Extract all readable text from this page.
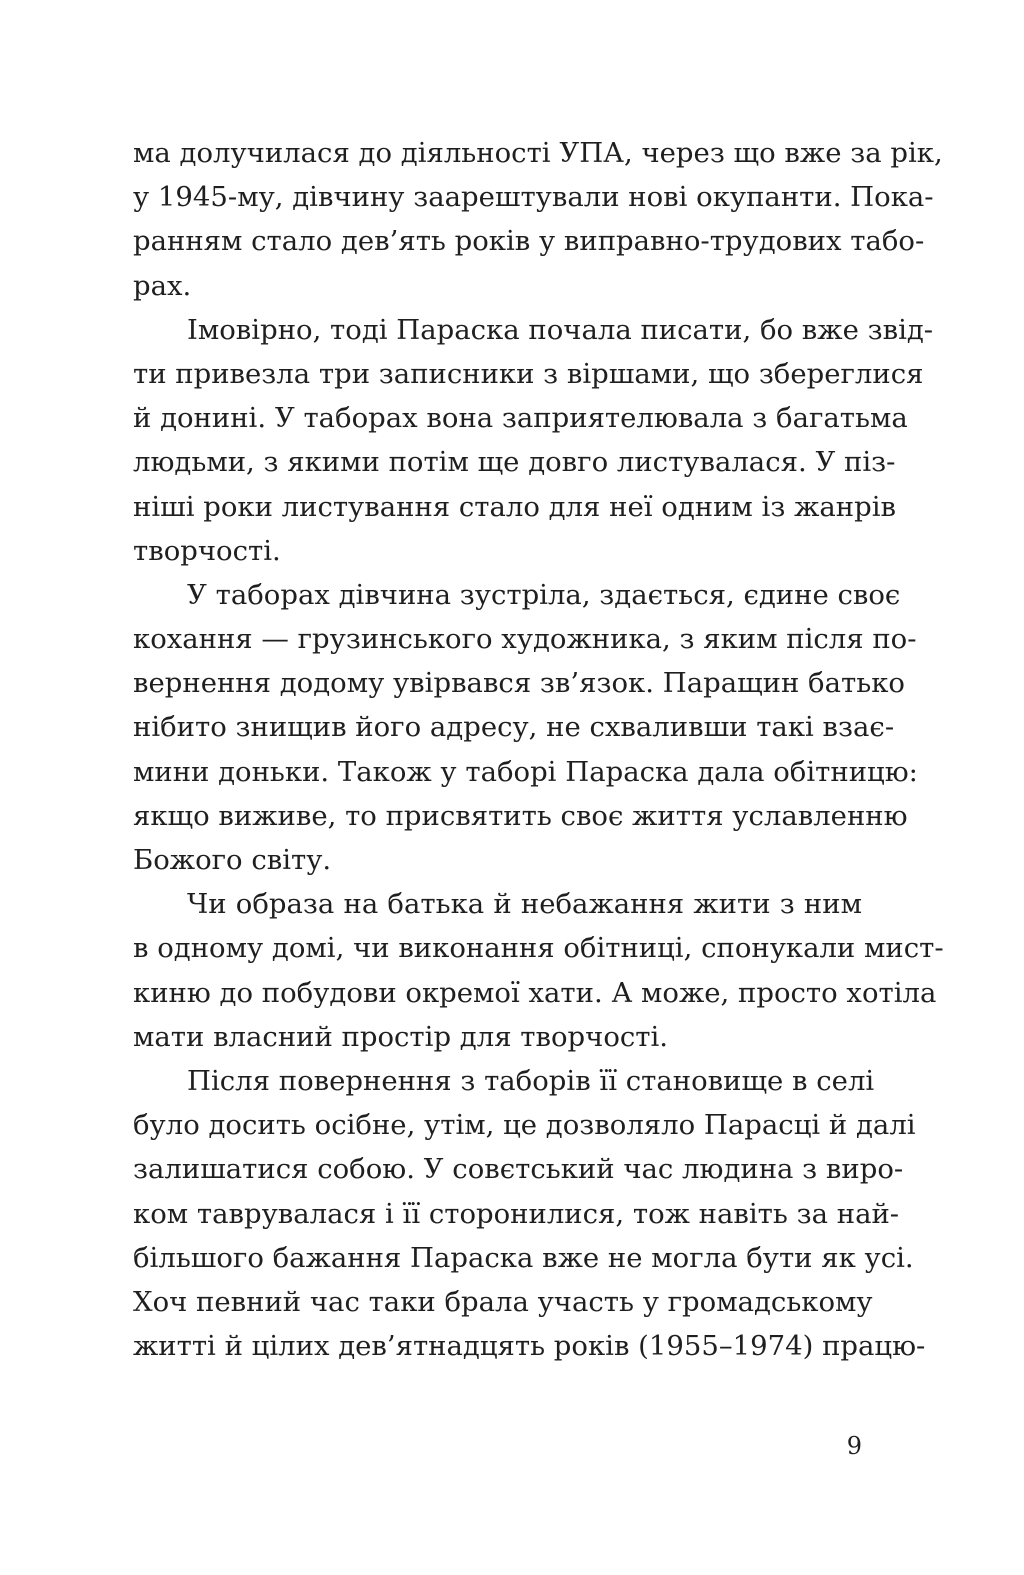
ма долучилася до діяльності УПА, через що вже за рік,
у 1945-му, дівчину заарештували нові окупанти. Пока-
ранням стало дев’ять років у виправно-трудових табо-
рах.

Імовірно, тоді Параска почала писати, бо вже звід-
ти привезла три записники з віршами, що збереглися
й донині. У таборах вона заприятелювала з багатьма
людьми, з якими потім ще довго листувалася. У піз-
ніші роки листування стало для неї одним із жанрів
творчості.

У таборах дівчина зустріла, здається, єдине своє
кохання — грузинського художника, з яким після по-
вернення додому увірвався зв’язок. Паращин батько
нібито знищив його адресу, не схваливши такі взає-
мини доньки. Також у таборі Параска дала обітницю:
якщо виживе, то присвятить своє життя уславленню
Божого світу.

Чи образа на батька й небажання жити з ним
в одному домі, чи виконання обітниці, спонукали мист-
киню до побудови окремої хати. А може, просто хотіла
мати власний простір для творчості.

Після повернення з таборів її становище в селі
було досить осібне, утім, це дозволяло Парасці й далі
залишатися собою. У совєтський час людина з виро-
ком таврувалася і її сторонилися, тож навіть за най-
більшого бажання Параска вже не могла бути як усі.
Хоч певний час таки брала участь у громадському
житті й цілих дев’ятнадцять років (1955–1974) працю-

9
